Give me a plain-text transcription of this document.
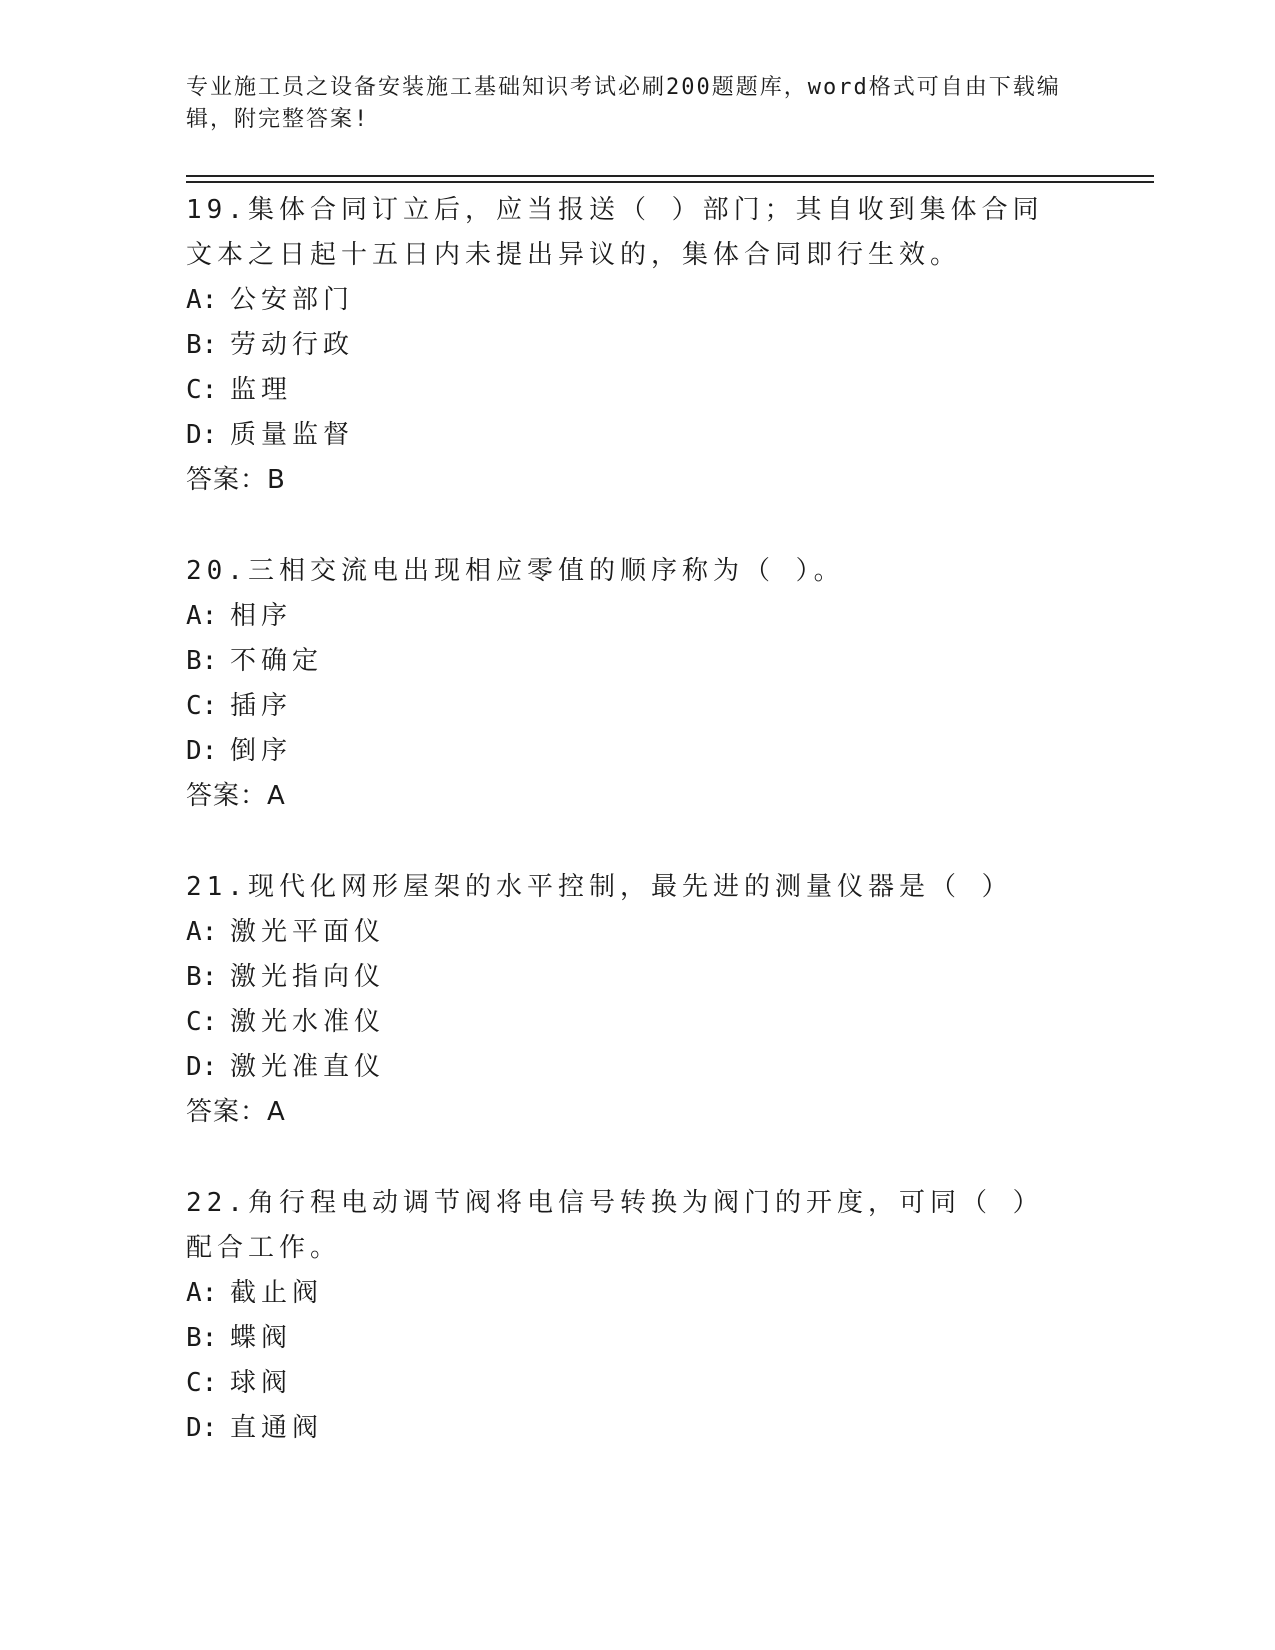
专业施工员之设备安装施工基础知识考试必刷200题题库，word格式可自由下载编辑，附完整答案!
19.集体合同订立后，应当报送（ ）部门；其自收到集体合同文本之日起十五日内未提出异议的，集体合同即行生效。
A: 公安部门
B: 劳动行政
C: 监理
D: 质量监督
答案：B
20.三相交流电出现相应零值的顺序称为（ ）。
A: 相序
B: 不确定
C: 插序
D: 倒序
答案：A
21.现代化网形屋架的水平控制，最先进的测量仪器是（ ）
A: 激光平面仪
B: 激光指向仪
C: 激光水准仪
D: 激光准直仪
答案：A
22.角行程电动调节阀将电信号转换为阀门的开度，可同（ ）配合工作。
A: 截止阀
B: 蝶阀
C: 球阀
D: 直通阀
